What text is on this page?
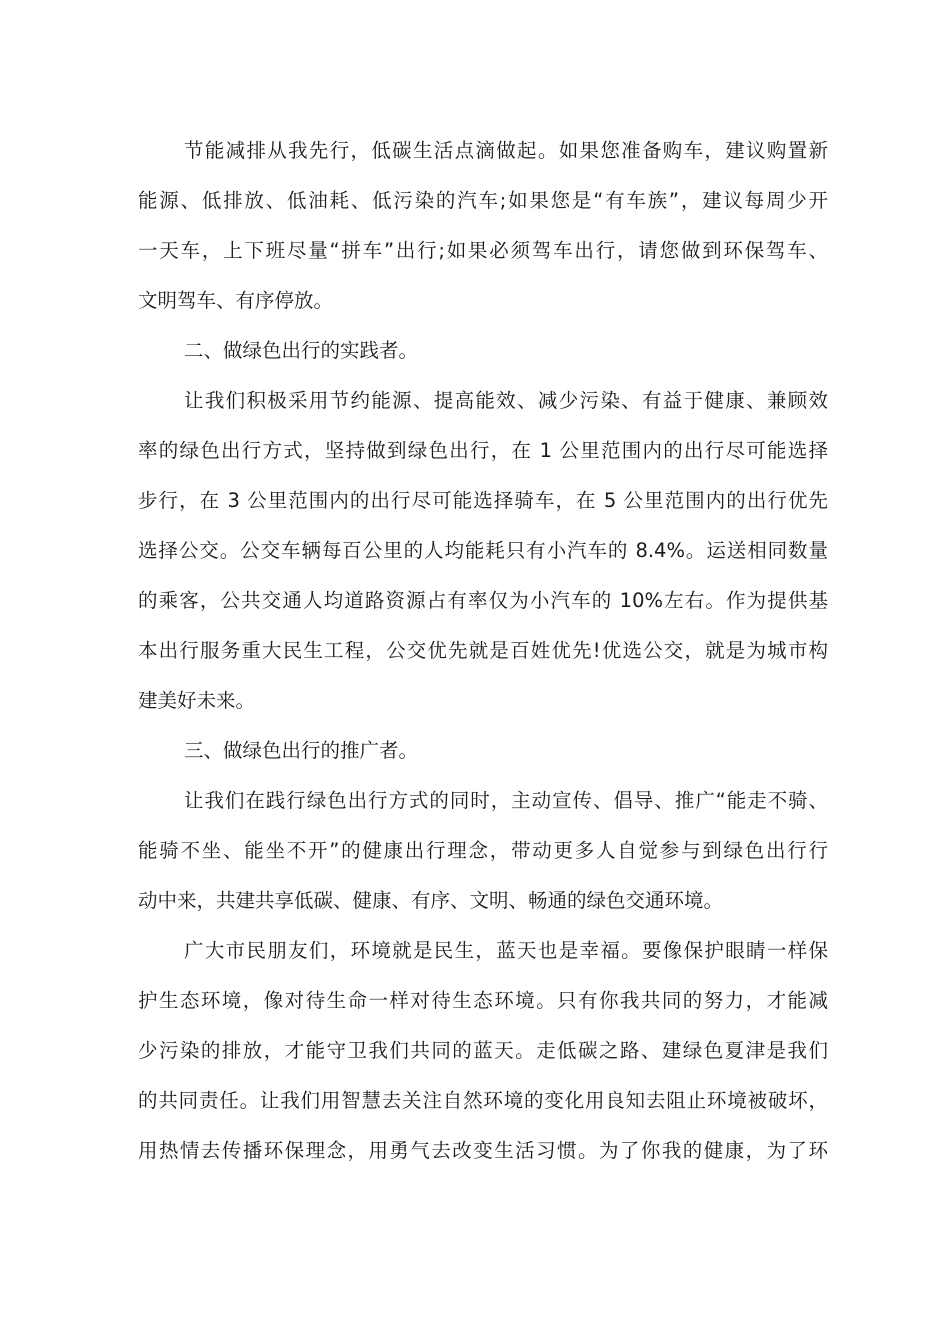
节能减排从我先行，低碳生活点滴做起。如果您准备购车，建议购置新
能源、低排放、低油耗、低污染的汽车;如果您是“有车族”，建议每周少开
一天车，上下班尽量“拼车”出行;如果必须驾车出行，请您做到环保驾车、
文明驾车、有序停放。
二、做绿色出行的实践者。
让我们积极采用节约能源、提高能效、减少污染、有益于健康、兼顾效
率的绿色出行方式，坚持做到绿色出行，在 1 公里范围内的出行尽可能选择
步行，在 3 公里范围内的出行尽可能选择骑车，在 5 公里范围内的出行优先
选择公交。公交车辆每百公里的人均能耗只有小汽车的 8.4%。运送相同数量
的乘客，公共交通人均道路资源占有率仅为小汽车的 10%左右。作为提供基
本出行服务重大民生工程，公交优先就是百姓优先!优选公交，就是为城市构
建美好未来。
三、做绿色出行的推广者。
让我们在践行绿色出行方式的同时，主动宣传、倡导、推广“能走不骑、
能骑不坐、能坐不开”的健康出行理念，带动更多人自觉参与到绿色出行行
动中来，共建共享低碳、健康、有序、文明、畅通的绿色交通环境。
广大市民朋友们，环境就是民生，蓝天也是幸福。要像保护眼睛一样保
护生态环境，像对待生命一样对待生态环境。只有你我共同的努力，才能减
少污染的排放，才能守卫我们共同的蓝天。走低碳之路、建绿色夏津是我们
的共同责任。让我们用智慧去关注自然环境的变化用良知去阻止环境被破坏，
用热情去传播环保理念，用勇气去改变生活习惯。为了你我的健康，为了环
